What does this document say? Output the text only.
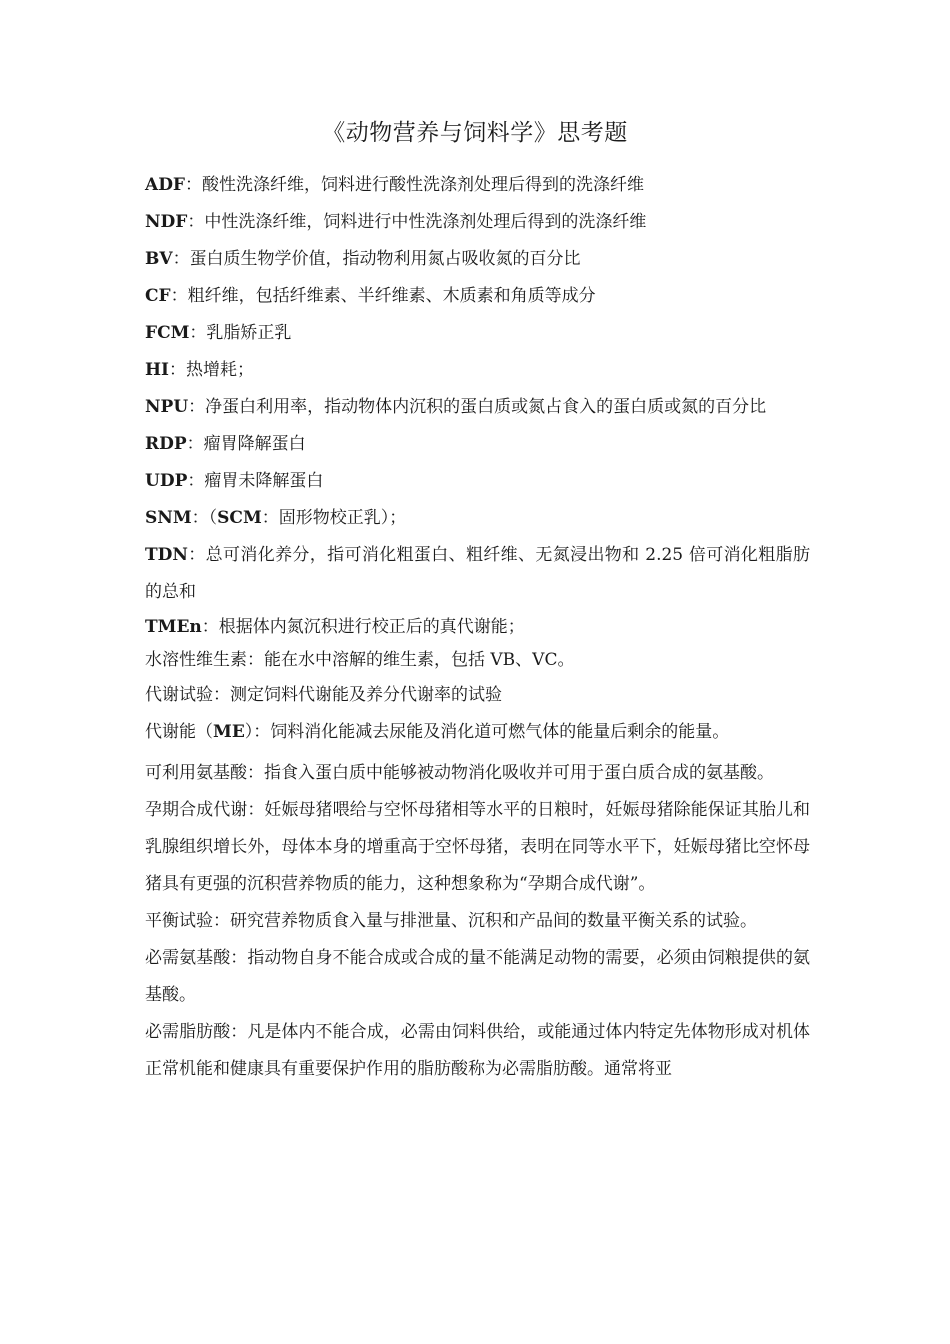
《动物营养与饲料学》思考题

ADF：酸性洗涤纤维，饲料进行酸性洗涤剂处理后得到的洗涤纤维

NDF：中性洗涤纤维，饲料进行中性洗涤剂处理后得到的洗涤纤维

BV：蛋白质生物学价值，指动物利用氮占吸收氮的百分比

CF：粗纤维，包括纤维素、半纤维素、木质素和角质等成分

FCM：乳脂矫正乳

HI：热增耗；

NPU：净蛋白利用率，指动物体内沉积的蛋白质或氮占食入的蛋白质或氮的百分比

RDP：瘤胃降解蛋白

UDP：瘤胃未降解蛋白

SNM：（SCM：固形物校正乳）；

TDN：总可消化养分，指可消化粗蛋白、粗纤维、无氮浸出物和 2.25 倍可消化粗脂肪的总和

TMEn：根据体内氮沉积进行校正后的真代谢能；

水溶性维生素：能在水中溶解的维生素，包括 VB、VC。

代谢试验：测定饲料代谢能及养分代谢率的试验

代谢能（ME）：饲料消化能减去尿能及消化道可燃气体的能量后剩余的能量。

可利用氨基酸：指食入蛋白质中能够被动物消化吸收并可用于蛋白质合成的氨基酸。

孕期合成代谢：妊娠母猪喂给与空怀母猪相等水平的日粮时，妊娠母猪除能保证其胎儿和乳腺组织增长外，母体本身的增重高于空怀母猪，表明在同等水平下，妊娠母猪比空怀母猪具有更强的沉积营养物质的能力，这种想象称为“孕期合成代谢”。

平衡试验：研究营养物质食入量与排泄量、沉积和产品间的数量平衡关系的试验。

必需氨基酸：指动物自身不能合成或合成的量不能满足动物的需要，必须由饲粮提供的氨基酸。

必需脂肪酸：凡是体内不能合成，必需由饲料供给，或能通过体内特定先体物形成对机体正常机能和健康具有重要保护作用的脂肪酸称为必需脂肪酸。通常将亚
